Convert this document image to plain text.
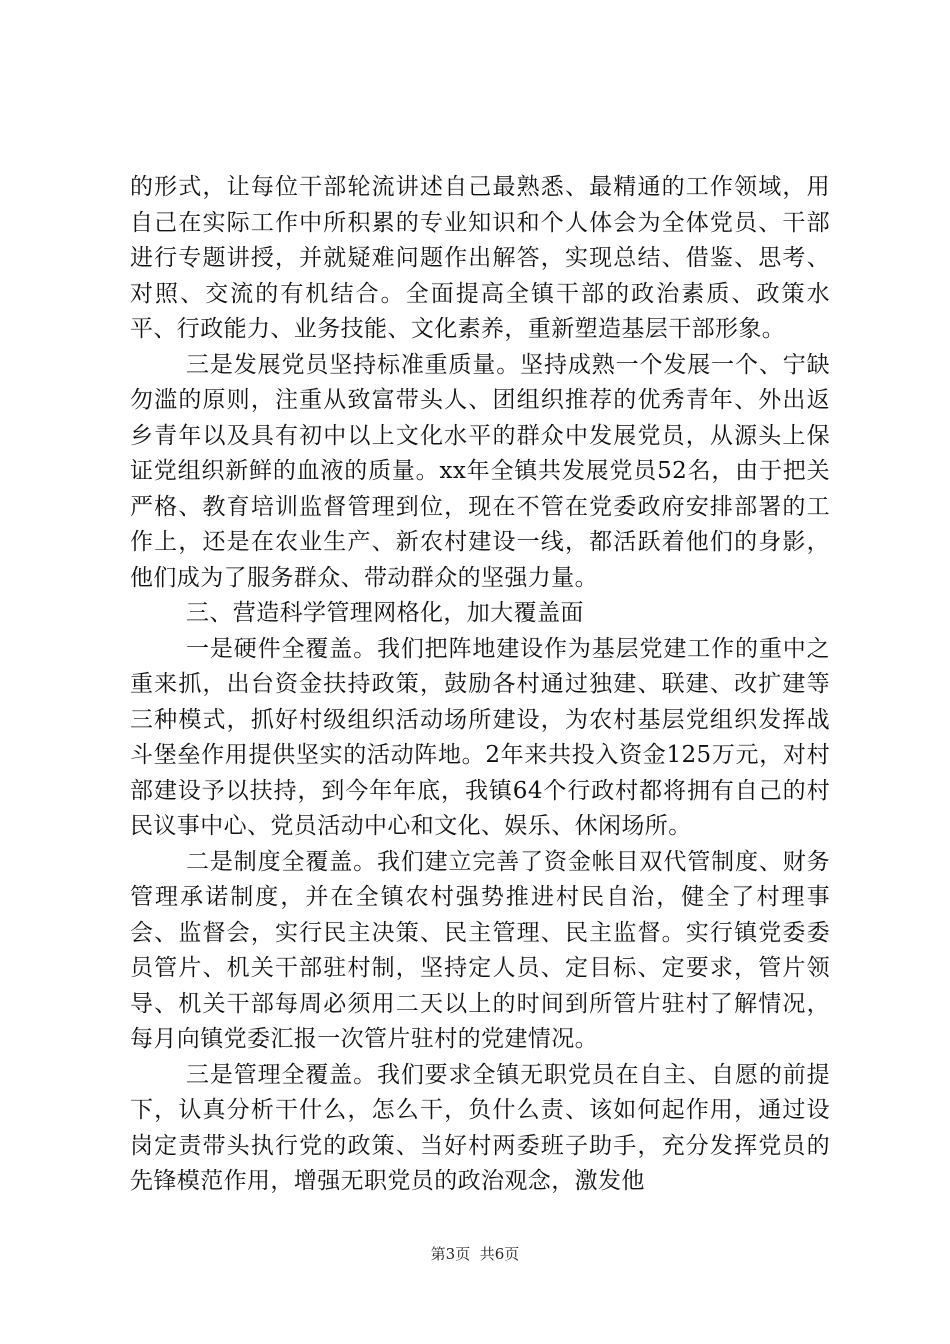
的形式，让每位干部轮流讲述自己最熟悉、最精通的工作领域，用自己在实际工作中所积累的专业知识和个人体会为全体党员、干部进行专题讲授，并就疑难问题作出解答，实现总结、借鉴、思考、对照、交流的有机结合。全面提高全镇干部的政治素质、政策水平、行政能力、业务技能、文化素养，重新塑造基层干部形象。

三是发展党员坚持标准重质量。坚持成熟一个发展一个、宁缺勿滥的原则，注重从致富带头人、团组织推荐的优秀青年、外出返乡青年以及具有初中以上文化水平的群众中发展党员，从源头上保证党组织新鲜的血液的质量。xx年全镇共发展党员52名，由于把关严格、教育培训监督管理到位，现在不管在党委政府安排部署的工作上，还是在农业生产、新农村建设一线，都活跃着他们的身影，他们成为了服务群众、带动群众的坚强力量。

三、营造科学管理网格化，加大覆盖面

一是硬件全覆盖。我们把阵地建设作为基层党建工作的重中之重来抓，出台资金扶持政策，鼓励各村通过独建、联建、改扩建等三种模式，抓好村级组织活动场所建设，为农村基层党组织发挥战斗堡垒作用提供坚实的活动阵地。2年来共投入资金125万元，对村部建设予以扶持，到今年年底，我镇64个行政村都将拥有自己的村民议事中心、党员活动中心和文化、娱乐、休闲场所。

二是制度全覆盖。我们建立完善了资金帐目双代管制度、财务管理承诺制度，并在全镇农村强势推进村民自治，健全了村理事会、监督会，实行民主决策、民主管理、民主监督。实行镇党委委员管片、机关干部驻村制，坚持定人员、定目标、定要求，管片领导、机关干部每周必须用二天以上的时间到所管片驻村了解情况，每月向镇党委汇报一次管片驻村的党建情况。

三是管理全覆盖。我们要求全镇无职党员在自主、自愿的前提下，认真分析干什么，怎么干，负什么责、该如何起作用，通过设岗定责带头执行党的政策、当好村两委班子助手，充分发挥党员的先锋模范作用，增强无职党员的政治观念，激发他

第3页 共6页
